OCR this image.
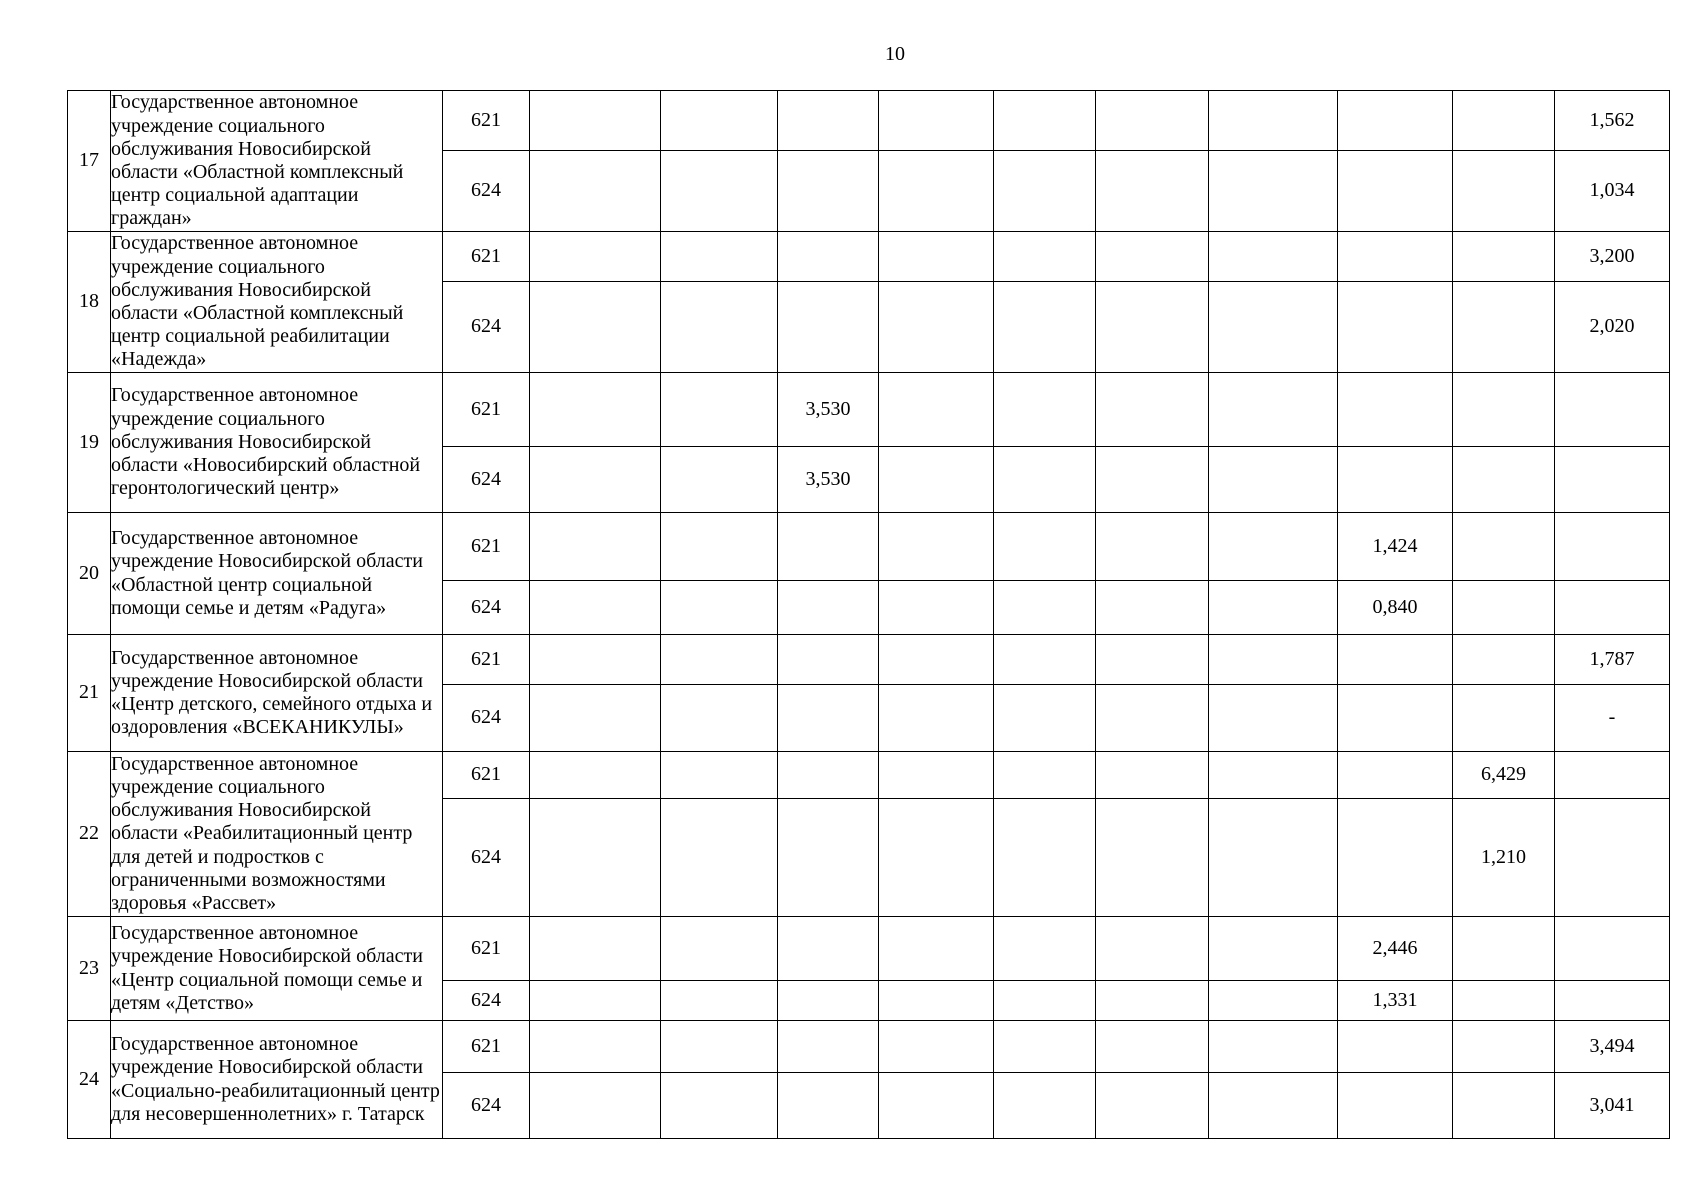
10
17	Государственное автономное учреждение социального обслуживания Новосибирской области «Областной комплексный центр социальной адаптации граждан»	621										1,562
		624										1,034
18	Государственное автономное учреждение социального обслуживания Новосибирской области «Областной комплексный центр социальной реабилитации «Надежда»	621										3,200
		624										2,020
19	Государственное автономное учреждение социального обслуживания Новосибирской области «Новосибирский областной геронтологический центр»	621			3,530							
		624			3,530							
20	Государственное автономное учреждение Новосибирской области «Областной центр социальной помощи семье и детям «Радуга»	621								1,424		
		624								0,840		
21	Государственное автономное учреждение Новосибирской области «Центр детского, семейного отдыха и оздоровления «ВСЕКАНИКУЛЫ»	621										1,787
		624										-
22	Государственное автономное учреждение социального обслуживания Новосибирской области «Реабилитационный центр для детей и подростков с ограниченными возможностями здоровья «Рассвет»	621									6,429	
		624									1,210	
23	Государственное автономное учреждение Новосибирской области «Центр социальной помощи семье и детям «Детство»	621								2,446		
		624								1,331		
24	Государственное автономное учреждение Новосибирской области «Социально-реабилитационный центр для несовершеннолетних» г. Татарск	621										3,494
		624										3,041
